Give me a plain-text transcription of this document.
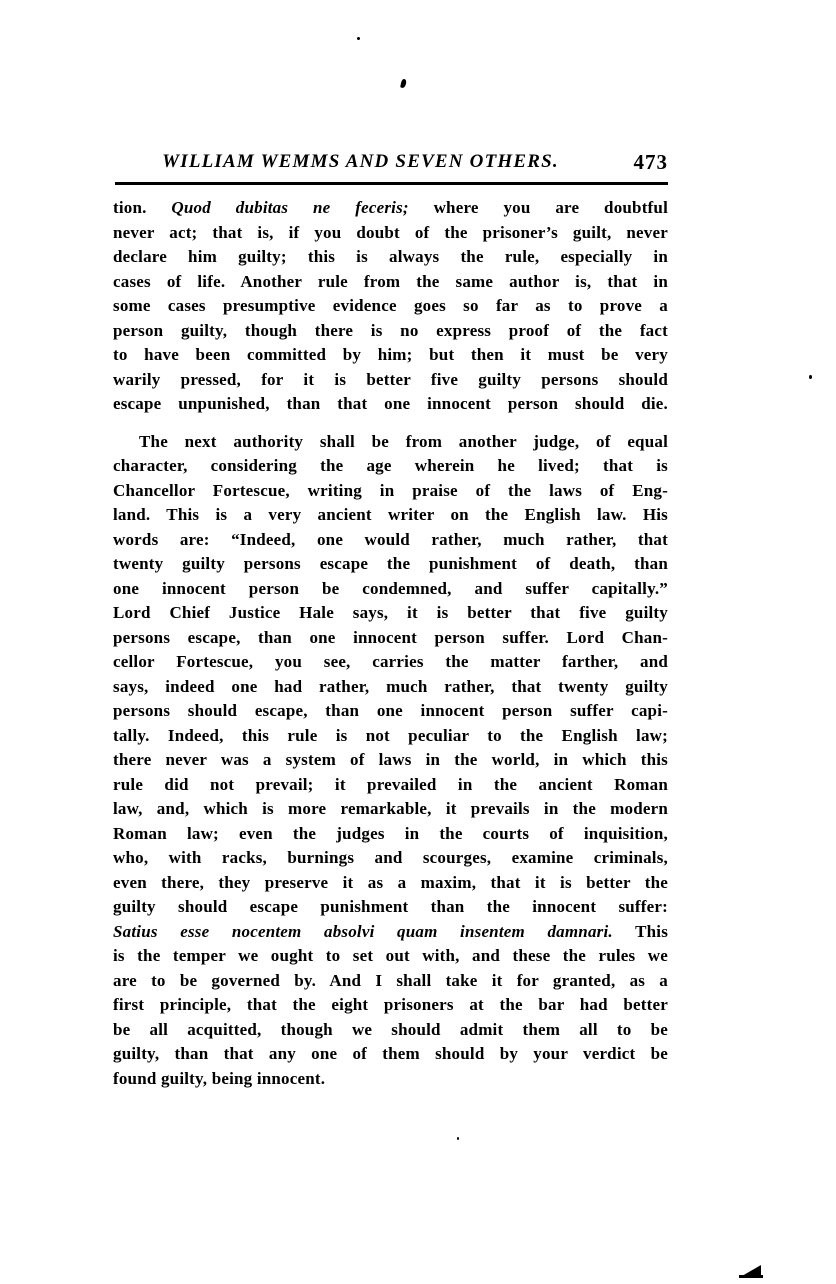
WILLIAM WEMMS AND SEVEN OTHERS.	473
tion. Quod dubitas ne feceris; where you are doubtful
never act; that is, if you doubt of the prisoner’s guilt, never
declare him guilty; this is always the rule, especially in
cases of life. Another rule from the same author is, that in
some cases presumptive evidence goes so far as to prove a
person guilty, though there is no express proof of the fact
to have been committed by him; but then it must be very
warily pressed, for it is better five guilty persons should
escape unpunished, than that one innocent person should die.
The next authority shall be from another judge, of equal
character, considering the age wherein he lived; that is
Chancellor Fortescue, writing in praise of the laws of Eng-
land. This is a very ancient writer on the English law. His
words are: “Indeed, one would rather, much rather, that
twenty guilty persons escape the punishment of death, than
one innocent person be condemned, and suffer capitally.”
Lord Chief Justice Hale says, it is better that five guilty
persons escape, than one innocent person suffer. Lord Chan-
cellor Fortescue, you see, carries the matter farther, and
says, indeed one had rather, much rather, that twenty guilty
persons should escape, than one innocent person suffer capi-
tally. Indeed, this rule is not peculiar to the English law;
there never was a system of laws in the world, in which this
rule did not prevail; it prevailed in the ancient Roman
law, and, which is more remarkable, it prevails in the modern
Roman law; even the judges in the courts of inquisition,
who, with racks, burnings and scourges, examine criminals,
even there, they preserve it as a maxim, that it is better the
guilty should escape punishment than the innocent suffer:
Satius esse nocentem absolvi quam insentem damnari. This
is the temper we ought to set out with, and these the rules we
are to be governed by. And I shall take it for granted, as a
first principle, that the eight prisoners at the bar had better
be all acquitted, though we should admit them all to be
guilty, than that any one of them should by your verdict be
found guilty, being innocent.
